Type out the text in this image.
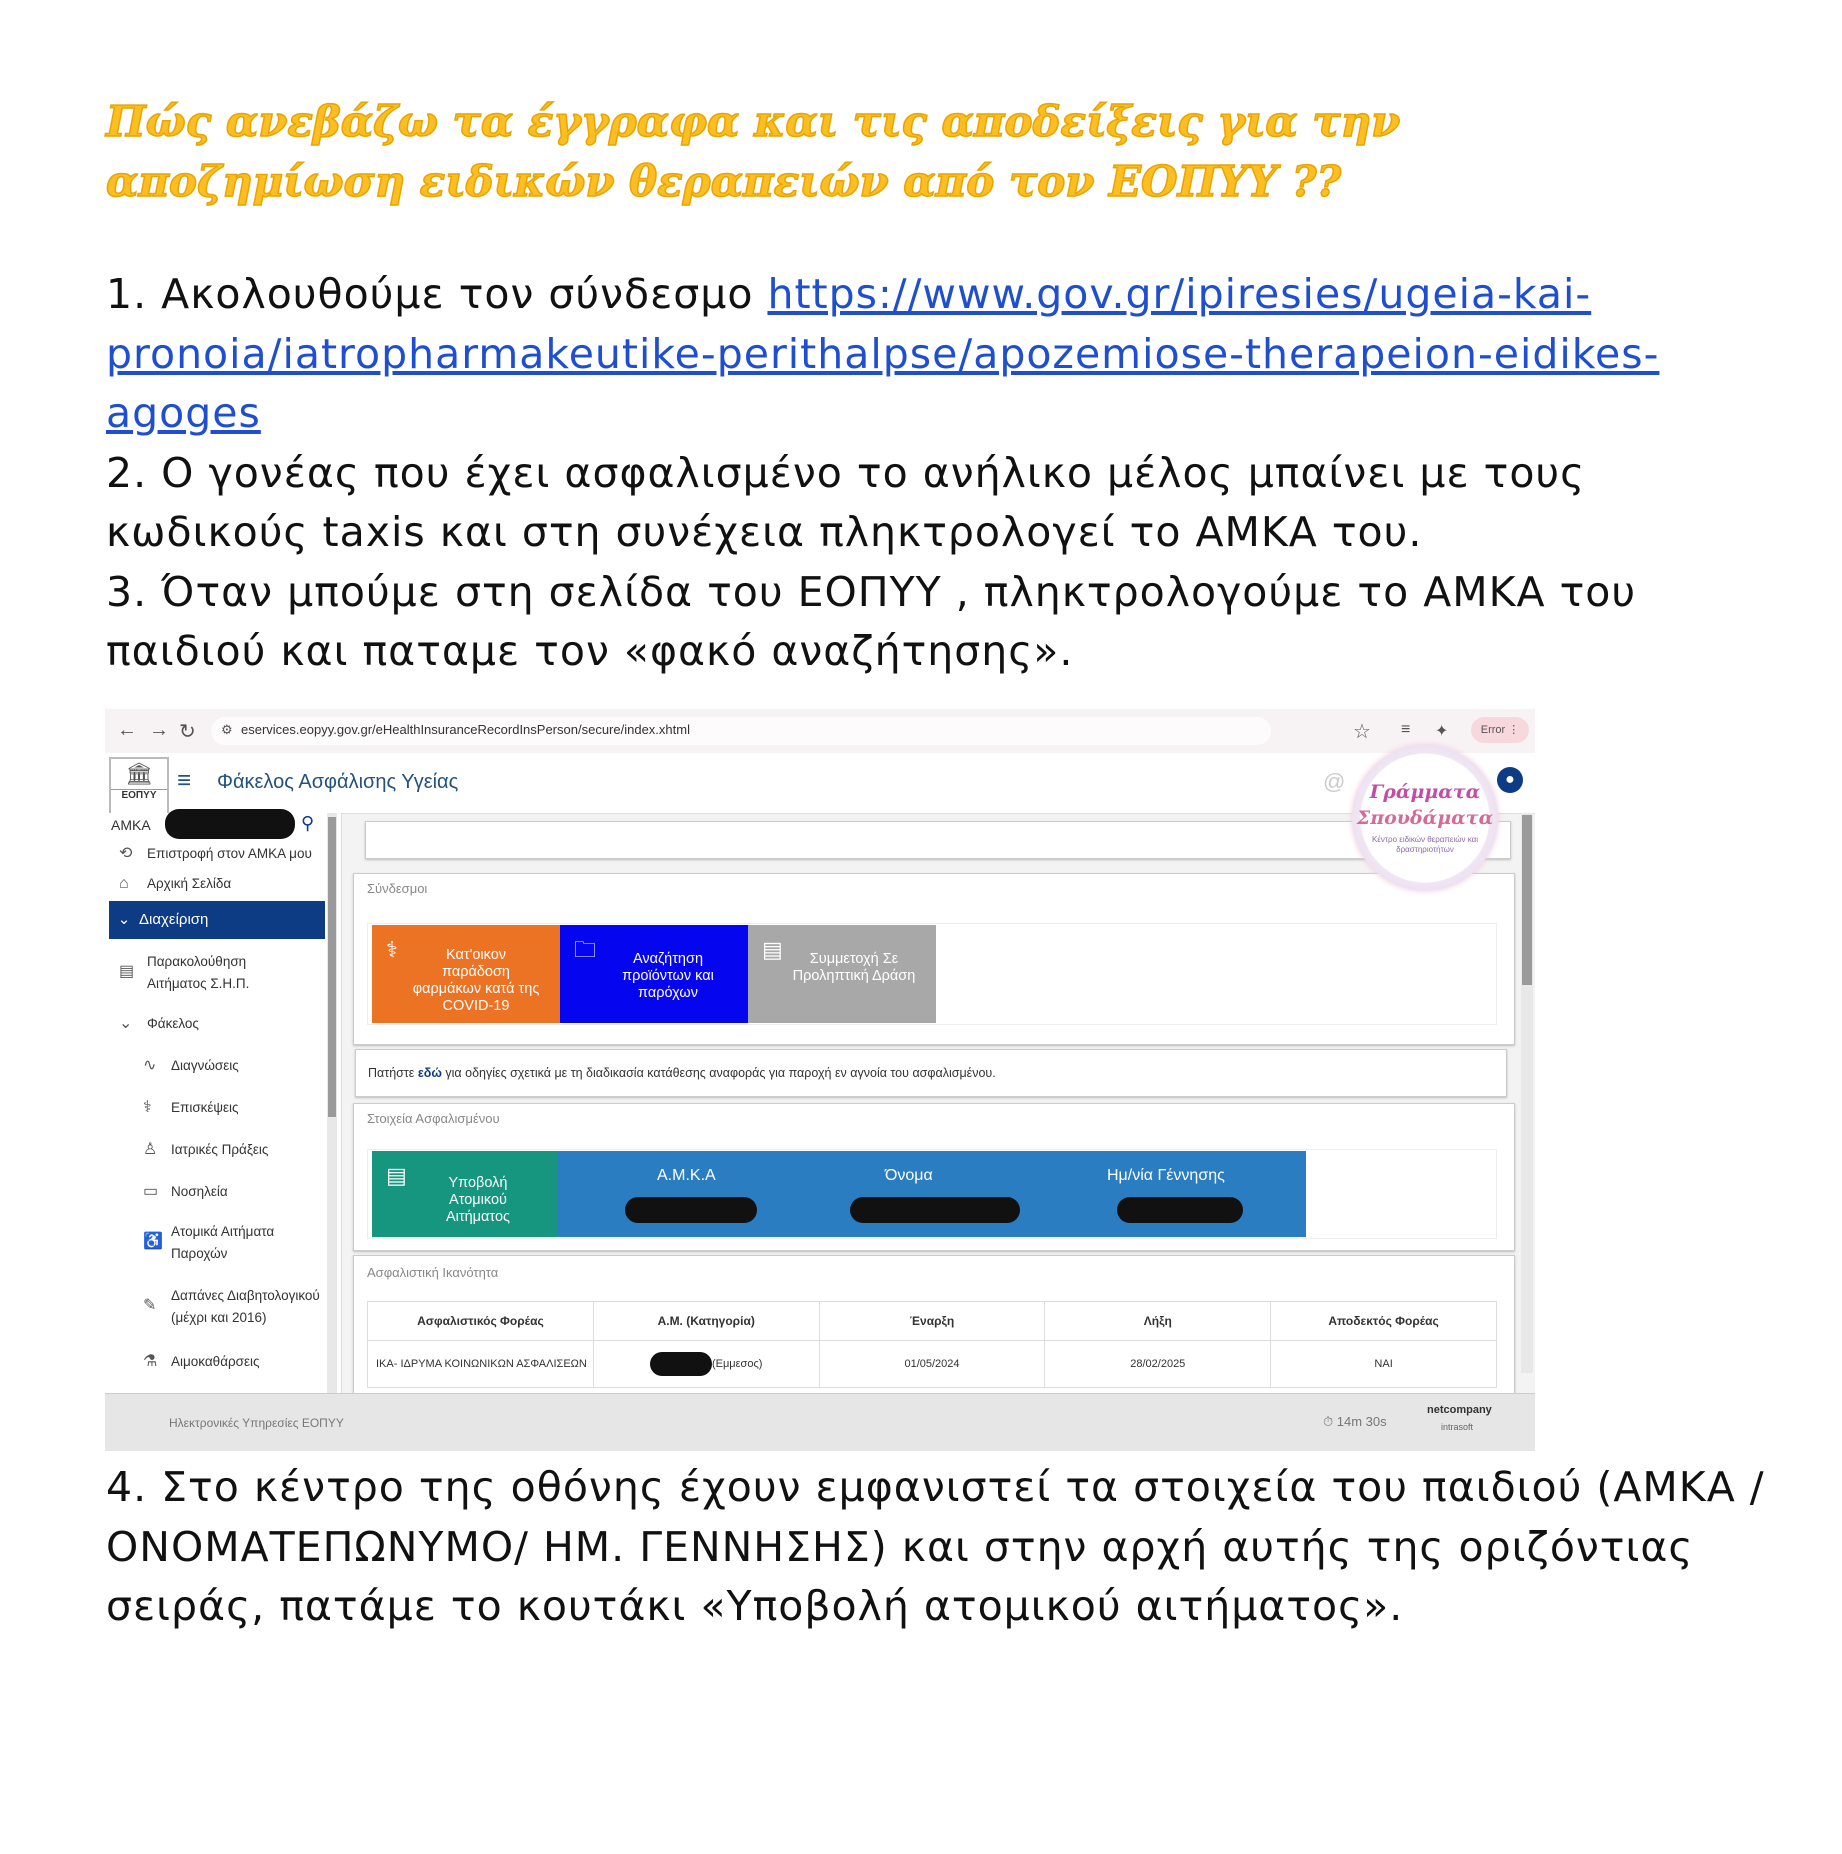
Πώς ανεβάζω τα έγγραφα και τις αποδείξεις για την αποζημίωση ειδικών θεραπειών από τον ΕΟΠΥΥ ??

1. Ακολουθούμε τον σύνδεσμο https://www.gov.gr/ipiresies/ugeia-kai-pronoia/iatropharmakeutike-perithalpse/apozemiose-therapeion-eidikes-agoges

2. Ο γονέας που έχει ασφαλισμένο το ανήλικο μέλος μπαίνει με τους κωδικούς taxis και στη συνέχεια πληκτρολογεί το ΑΜΚΑ του.

3. Όταν μπούμε στη σελίδα του ΕΟΠΥΥ , πληκτρολογούμε το ΑΜΚΑ του παιδιού και παταμε τον «φακό αναζήτησης».

← → ↻ ⚙ eservices.eopyy.gov.gr/eHealthInsuranceRecordInsPerson/secure/index.xhtml	☆ ≡ ✦	Error ⋮
🏛
ΕΟΠΥΥ
≡ Φάκελος Ασφάλισης Υγείας	@	●
ΑΜΚΑ	⚲
⟲ Επιστροφή στον ΑΜΚΑ μου
⌂ Αρχική Σελίδα
⌄ Διαχείριση
▤Παρακολούθηση Αιτήματος Σ.Η.Π.
⌄ Φάκελος
∿ Διαγνώσεις
⚕ Επισκέψεις
♙ Ιατρικές Πράξεις
▭ Νοσηλεία
♿Ατομικά Αιτήματα Παροχών
✎Δαπάνες Διαβητολογικού (μέχρι και 2016)
⚗ Αιμοκαθάρσεις
Σύνδεσμοι
⚕	Κατ'οικον παράδοση φαρμάκων κατά της COVID-19
🗀	Αναζήτηση προϊόντων και παρόχων
▤	Συμμετοχή Σε Προληπτική Δράση
Πατήστε εδώ για οδηγίες σχετικά με τη διαδικασία κατάθεσης αναφοράς για παροχή εν αγνοία του ασφαλισμένου.
Στοιχεία Ασφαλισμένου
▤	Υποβολή Ατομικού Αιτήματος
Α.Μ.Κ.Α	Όνομα	Ημ/νία Γέννησης
Ασφαλιστική Ικανότητα
Ασφαλιστικός Φορέας	Α.Μ. (Κατηγορία)	Έναρξη	Λήξη	Αποδεκτός Φορέας
ΙΚΑ- ΙΔΡΥΜΑ ΚΟΙΝΩΝΙΚΩΝ ΑΣΦΑΛΙΣΕΩΝ	(Εμμεσος)	01/05/2024	28/02/2025	ΝΑΙ
Ηλεκτρονικές Υπηρεσίες ΕΟΠΥΥ	⏱ 14m 30s
netcompany
intrasoft
Γράμματα
Σπουδάματα
Κέντρο ειδικών θεραπειών και δραστηριοτήτων

4. Στο κέντρο της οθόνης έχουν εμφανιστεί τα στοιχεία του παιδιού (ΑΜΚΑ / ΟΝΟΜΑΤΕΠΩΝΥΜΟ/ ΗΜ. ΓΕΝΝΗΣΗΣ) και στην αρχή αυτής της οριζόντιας σειράς, πατάμε το κουτάκι «Υποβολή ατομικού αιτήματος».
